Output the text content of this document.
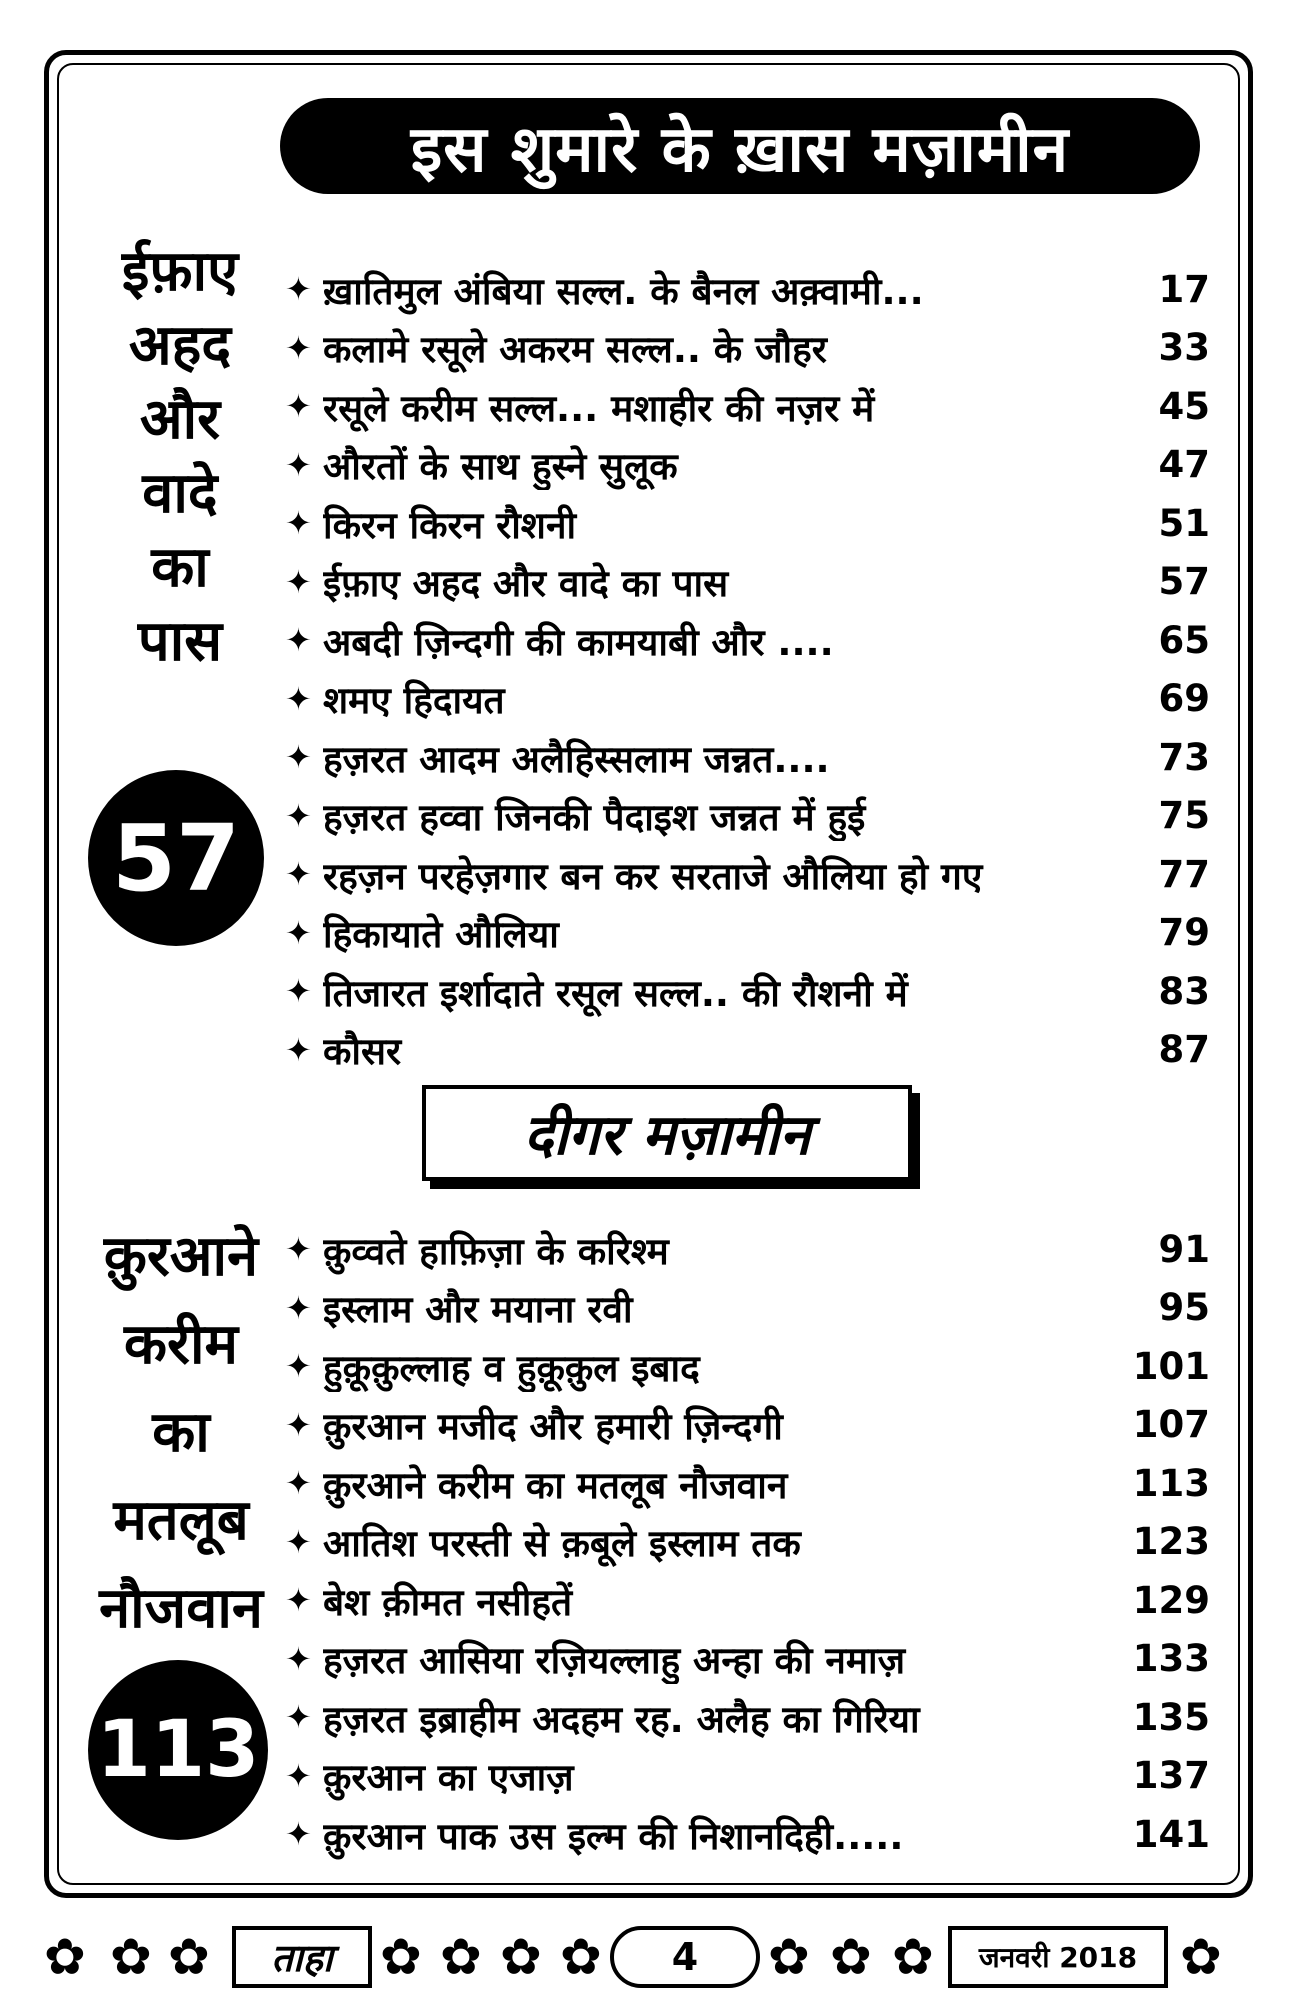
इस शुमारे के ख़ास मज़ामीन
ईफ़ाए
अहद
और
वादे
का
पास
57
✦ ख़ातिमुल अंबिया सल्ल. के बैनल अक़्वामी...	17
✦ कलामे रसूले अकरम सल्ल.. के जौहर	33
✦ रसूले करीम सल्ल... मशाहीर की नज़र में	45
✦ औरतों के साथ हुस्ने सुलूक	47
✦ किरन किरन रौशनी	51
✦ ईफ़ाए अहद और वादे का पास	57
✦ अबदी ज़िन्दगी की कामयाबी और ....	65
✦ शमए हिदायत	69
✦ हज़रत आदम अलैहिस्सलाम जन्नत....	73
✦ हज़रत हव्वा जिनकी पैदाइश जन्नत में हुई	75
✦ रहज़न परहेज़गार बन कर सरताजे औलिया हो गए	77
✦ हिकायाते औलिया	79
✦ तिजारत इर्शादाते रसूल सल्ल.. की रौशनी में	83
✦ कौसर	87
दीगर मज़ामीन
क़ुरआने
करीम
का
मतलूब
नौजवान
113
✦ क़ुव्वते हाफ़िज़ा के करिश्म	91
✦ इस्लाम और मयाना रवी	95
✦ हुक़ूक़ुल्लाह व हुक़ूक़ुल इबाद	101
✦ क़ुरआन मजीद और हमारी ज़िन्दगी	107
✦ क़ुरआने करीम का मतलूब नौजवान	113
✦ आतिश परस्ती से क़बूले इस्लाम तक	123
✦ बेश क़ीमत नसीहतें	129
✦ हज़रत आसिया रज़ियल्लाहु अन्हा की नमाज़	133
✦ हज़रत इब्राहीम अदहम रह. अलैह का गिरिया	135
✦ क़ुरआन का एजाज़	137
✦ क़ुरआन पाक उस इल्म की निशानदिही.....	141
✿ ✿ ✿	ताहा ✿ ✿ ✿ ✿	4	✿ ✿ ✿	जनवरी 2018 ✿
